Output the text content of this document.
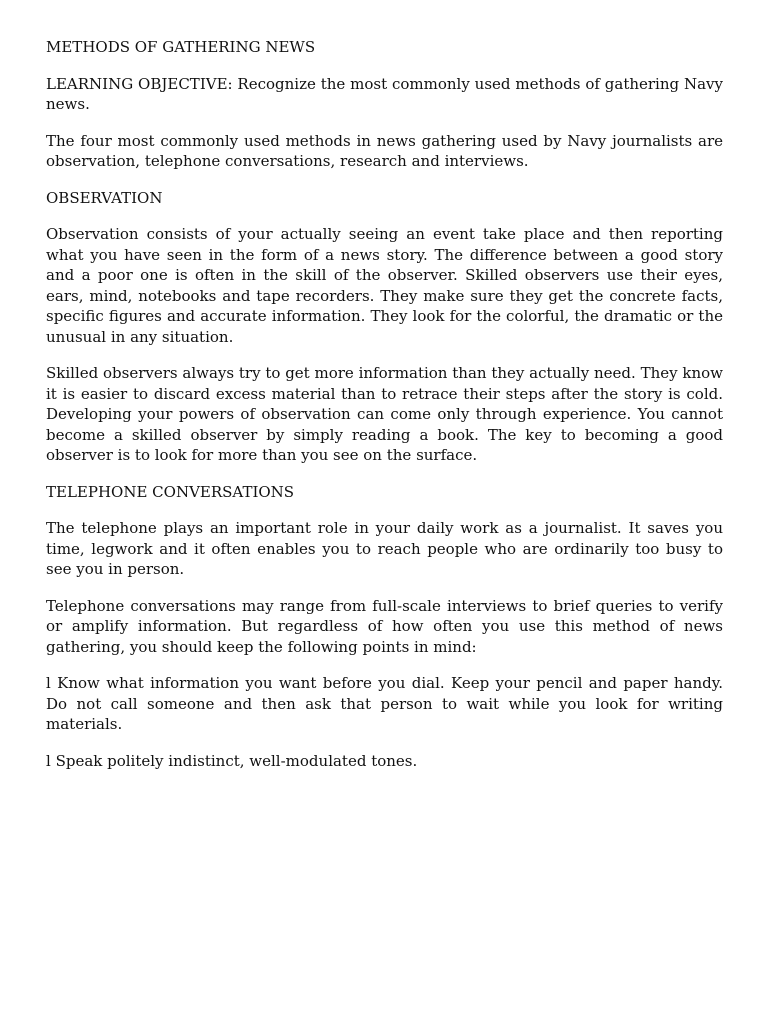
METHODS OF GATHERING NEWS

LEARNING OBJECTIVE: Recognize the most commonly used methods of gathering Navy news.

The four most commonly used methods in news gathering used by Navy journalists are observation, telephone conversations, research and interviews.

OBSERVATION

Observation consists of your actually seeing an event take place and then reporting what you have seen in the form of a news story. The difference between a good story and a poor one is often in the skill of the observer. Skilled observers use their eyes, ears, mind, notebooks and tape recorders. They make sure they get the concrete facts, specific figures and accurate information. They look for the colorful, the dramatic or the unusual in any situation.

Skilled observers always try to get more information than they actually need. They know it is easier to discard excess material than to retrace their steps after the story is cold. Developing your powers of observation can come only through experience. You cannot become a skilled observer by simply reading a book. The key to becoming a good observer is to look for more than you see on the surface.

TELEPHONE CONVERSATIONS

The telephone plays an important role in your daily work as a journalist. It saves you time, legwork and it often enables you to reach people who are ordinarily too busy to see you in person.

Telephone conversations may range from full-scale interviews to brief queries to verify or amplify information. But regardless of how often you use this method of news gathering, you should keep the following points in mind:

l Know what information you want before you dial. Keep your pencil and paper handy. Do not call someone and then ask that person to wait while you look for writing materials.

l Speak politely indistinct, well-modulated tones.
